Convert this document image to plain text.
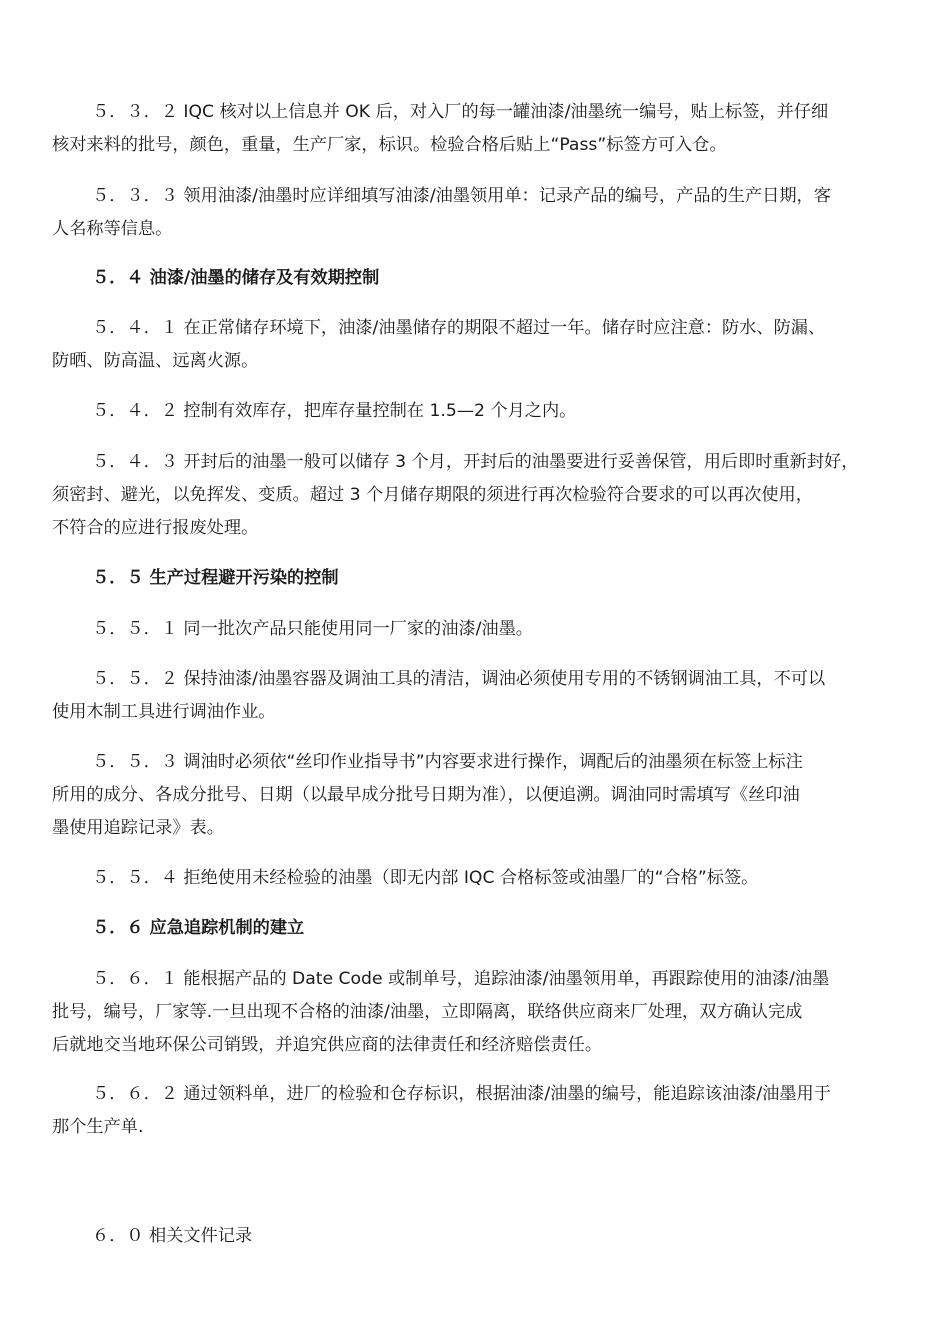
５．３．２ IQC 核对以上信息并 OK 后，对入厂的每一罐油漆/油墨统一编号，贴上标签，并仔细
核对来料的批号，颜色，重量，生产厂家，标识。检验合格后贴上“Pass”标签方可入仓。

５．３．３ 领用油漆/油墨时应详细填写油漆/油墨领用单：记录产品的编号，产品的生产日期，客
人名称等信息。

５．４ 油漆/油墨的储存及有效期控制

５．４．１ 在正常储存环境下，油漆/油墨储存的期限不超过一年。储存时应注意：防水、防漏、
防晒、防高温、远离火源。

５．４．２ 控制有效库存，把库存量控制在 1.5—2 个月之内。

５．４．３ 开封后的油墨一般可以储存 3 个月，开封后的油墨要进行妥善保管，用后即时重新封好，
须密封、避光，以免挥发、变质。超过 3 个月储存期限的须进行再次检验符合要求的可以再次使用，
不符合的应进行报废处理。

５．５ 生产过程避开污染的控制

５．５．１ 同一批次产品只能使用同一厂家的油漆/油墨。

５．５．２ 保持油漆/油墨容器及调油工具的清洁，调油必须使用专用的不锈钢调油工具，不可以
使用木制工具进行调油作业。

５．５．３ 调油时必须依“丝印作业指导书”内容要求进行操作，调配后的油墨须在标签上标注
所用的成分、各成分批号、日期（以最早成分批号日期为准），以便追溯。调油同时需填写《丝印油
墨使用追踪记录》表。

５．５．４ 拒绝使用未经检验的油墨（即无内部 IQC 合格标签或油墨厂的“合格”标签。

５．６ 应急追踪机制的建立

５．６．１ 能根据产品的 Date Code 或制单号，追踪油漆/油墨领用单，再跟踪使用的油漆/油墨
批号，编号，厂家等.一旦出现不合格的油漆/油墨，立即隔离，联络供应商来厂处理，双方确认完成
后就地交当地环保公司销毁，并追究供应商的法律责任和经济赔偿责任。

５．６．２ 通过领料单，进厂的检验和仓存标识，根据油漆/油墨的编号，能追踪该油漆/油墨用于
那个生产单.

６．０ 相关文件记录
